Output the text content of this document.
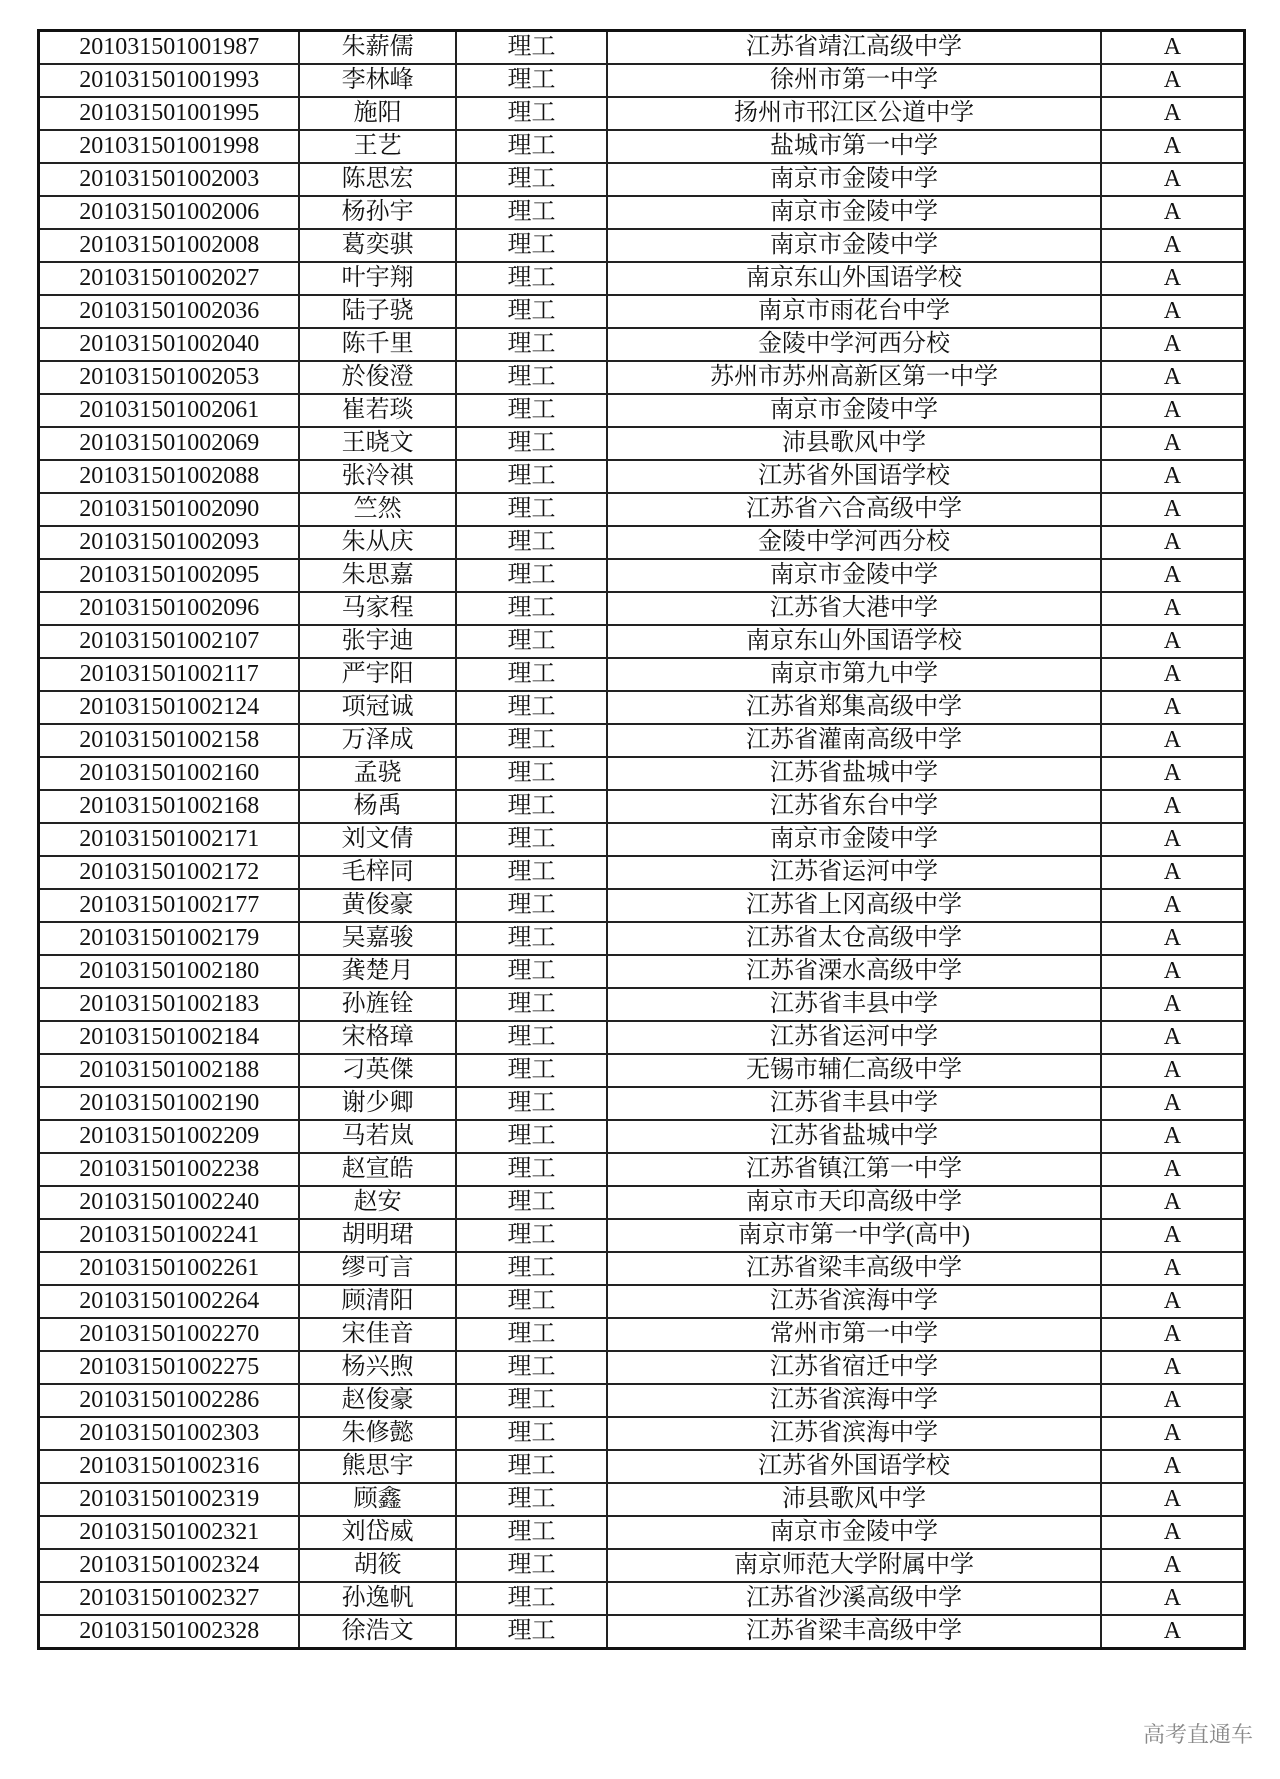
201031501001987	朱薪儒	理工	江苏省靖江高级中学	A
201031501001993	李林峰	理工	徐州市第一中学	A
201031501001995	施阳	理工	扬州市邗江区公道中学	A
201031501001998	王艺	理工	盐城市第一中学	A
201031501002003	陈思宏	理工	南京市金陵中学	A
201031501002006	杨孙宇	理工	南京市金陵中学	A
201031501002008	葛奕骐	理工	南京市金陵中学	A
201031501002027	叶宇翔	理工	南京东山外国语学校	A
201031501002036	陆子骁	理工	南京市雨花台中学	A
201031501002040	陈千里	理工	金陵中学河西分校	A
201031501002053	於俊澄	理工	苏州市苏州高新区第一中学	A
201031501002061	崔若琰	理工	南京市金陵中学	A
201031501002069	王晓文	理工	沛县歌风中学	A
201031501002088	张泠祺	理工	江苏省外国语学校	A
201031501002090	竺然	理工	江苏省六合高级中学	A
201031501002093	朱从庆	理工	金陵中学河西分校	A
201031501002095	朱思嘉	理工	南京市金陵中学	A
201031501002096	马家程	理工	江苏省大港中学	A
201031501002107	张宇迪	理工	南京东山外国语学校	A
201031501002117	严宇阳	理工	南京市第九中学	A
201031501002124	项冠诚	理工	江苏省郑集高级中学	A
201031501002158	万泽成	理工	江苏省灌南高级中学	A
201031501002160	孟骁	理工	江苏省盐城中学	A
201031501002168	杨禹	理工	江苏省东台中学	A
201031501002171	刘文倩	理工	南京市金陵中学	A
201031501002172	毛梓同	理工	江苏省运河中学	A
201031501002177	黄俊豪	理工	江苏省上冈高级中学	A
201031501002179	吴嘉骏	理工	江苏省太仓高级中学	A
201031501002180	龚楚月	理工	江苏省溧水高级中学	A
201031501002183	孙旌铨	理工	江苏省丰县中学	A
201031501002184	宋格璋	理工	江苏省运河中学	A
201031501002188	刁英傑	理工	无锡市辅仁高级中学	A
201031501002190	谢少卿	理工	江苏省丰县中学	A
201031501002209	马若岚	理工	江苏省盐城中学	A
201031501002238	赵宣皓	理工	江苏省镇江第一中学	A
201031501002240	赵安	理工	南京市天印高级中学	A
201031501002241	胡明珺	理工	南京市第一中学(高中)	A
201031501002261	缪可言	理工	江苏省梁丰高级中学	A
201031501002264	顾清阳	理工	江苏省滨海中学	A
201031501002270	宋佳音	理工	常州市第一中学	A
201031501002275	杨兴煦	理工	江苏省宿迁中学	A
201031501002286	赵俊豪	理工	江苏省滨海中学	A
201031501002303	朱修懿	理工	江苏省滨海中学	A
201031501002316	熊思宇	理工	江苏省外国语学校	A
201031501002319	顾鑫	理工	沛县歌风中学	A
201031501002321	刘岱威	理工	南京市金陵中学	A
201031501002324	胡筱	理工	南京师范大学附属中学	A
201031501002327	孙逸帆	理工	江苏省沙溪高级中学	A
201031501002328	徐浩文	理工	江苏省梁丰高级中学	A
高考直通车
